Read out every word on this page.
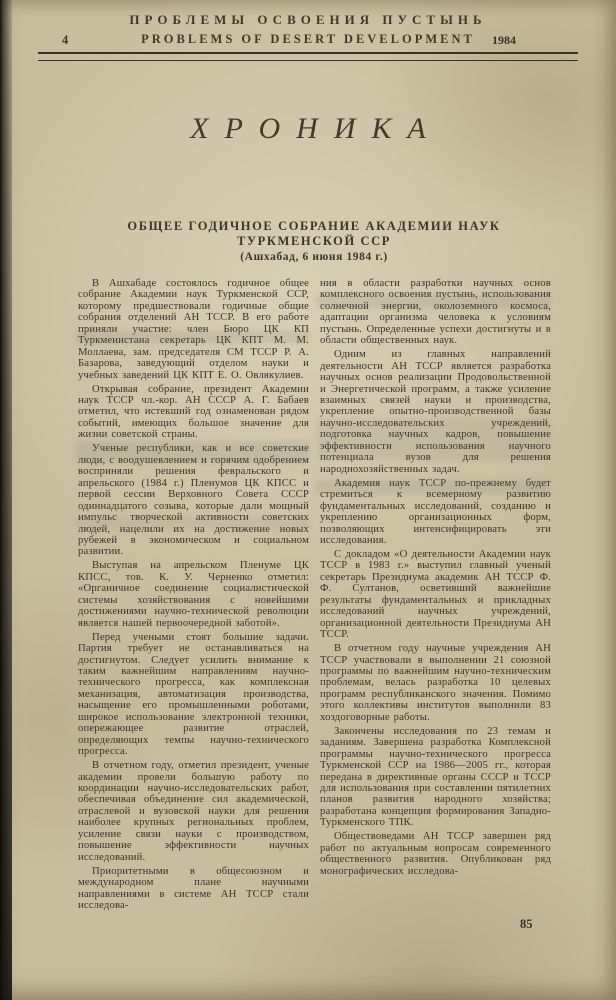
ПРОБЛЕМЫ ОСВОЕНИЯ ПУСТЫНЬ
4	PROBLEMS OF DESERT DEVELOPMENT	1984
ХРОНИКА
ОБЩЕЕ ГОДИЧНОЕ СОБРАНИЕ АКАДЕМИИ НАУК
ТУРКМЕНСКОЙ ССР
(Ашхабад, 6 июня 1984 г.)

В Ашхабаде состоялось годичное общее собрание Академии наук Туркменской ССР, которому предшествовали годичные общие собрания отделений АН ТССР. В его работе приняли участие: член Бюро ЦК КП Туркменистана секретарь ЦК КПТ М. М. Моллаева, зам. председателя СМ ТССР Р. А. Базарова, заведующий отделом науки и учебных заведений ЦК КПТ Е. О. Овлякулиев.

Открывая собрание, президент Академии наук ТССР чл.-кор. АН СССР А. Г. Бабаев отметил, что истекший год ознаменован рядом событий, имеющих большое значение для жизни советской страны.

Ученые республики, как и все советские люди, с воодушевлением и горячим одобрением восприняли решения февральского и апрельского (1984 г.) Пленумов ЦК КПСС и первой сессии Верховного Совета СССР одиннадцатого созыва, которые дали мощный импульс творческой активности советских людей, нацелили их на достижение новых рубежей в экономическом и социальном развитии.

Выступая на апрельском Пленуме ЦК КПСС, тов. К. У. Черненко отметил: «Органичное соединение социалистической системы хозяйствования с новейшими достижениями научно-технической революции является нашей первоочередной заботой».

Перед учеными стоят большие задачи. Партия требует не останавливаться на достигнутом. Следует усилить внимание к таким важнейшим направлениям научно-технического прогресса, как комплексная механизация, автоматизация производства, насыщение его промышленными роботами, широкое использование электронной техники, опережающее развитие отраслей, определяющих темпы научно-технического прогресса.

В отчетном году, отметил президент, ученые академии провели большую работу по координации научно-исследовательских работ, обеспечивая объединение сил академической, отраслевой и вузовской науки для решения наиболее крупных региональных проблем, усиление связи науки с производством, повышение эффективности научных исследований.

Приоритетными в общесоюзном и международном плане научными направлениями в системе АН ТССР стали исследова-

ния в области разработки научных основ комплексного освоения пустынь, использования солнечной энергии, околоземного космоса, адаптации организма человека к условиям пустынь. Определенные успехи достигнуты и в области общественных наук.

Одним из главных направлений деятельности АН ТССР является разработка научных основ реализации Продовольственной и Энергетической программ, а также усиление взаимных связей науки и производства, укрепление опытно-производственной базы научно-исследовательских учреждений, подготовка научных кадров, повышение эффективности использования научного потенциала вузов для решения народнохозяйственных задач.

Академия наук ТССР по-прежнему будет стремиться к всемерному развитию фундаментальных исследований, созданию и укреплению организационных форм, позволяющих интенсифицировать эти исследования.

С докладом «О деятельности Академии наук ТССР в 1983 г.» выступил главный ученый секретарь Президиума академик АН ТССР Ф. Ф. Султанов, осветивший важнейшие результаты фундаментальных и прикладных исследований научных учреждений, организационной деятельности Президиума АН ТССР.

В отчетном году научные учреждения АН ТССР участвовали в выполнении 21 союзной программы по важнейшим научно-техническим проблемам, велась разработка 10 целевых программ республиканского значения. Помимо этого коллективы институтов выполнили 83 хоздоговорные работы.

Закончены исследования по 23 темам и заданиям. Завершена разработка Комплексной программы научно-технического прогресса Туркменской ССР на 1986—2005 гг., которая передана в директивные органы СССР и ТССР для использования при составлении пятилетних планов развития народного хозяйства; разработана концепция формирования Западно-Туркменского ТПК.

Обществоведами АН ТССР завершен ряд работ по актуальным вопросам современного общественного развития. Опубликован ряд монографических исследова-

85
